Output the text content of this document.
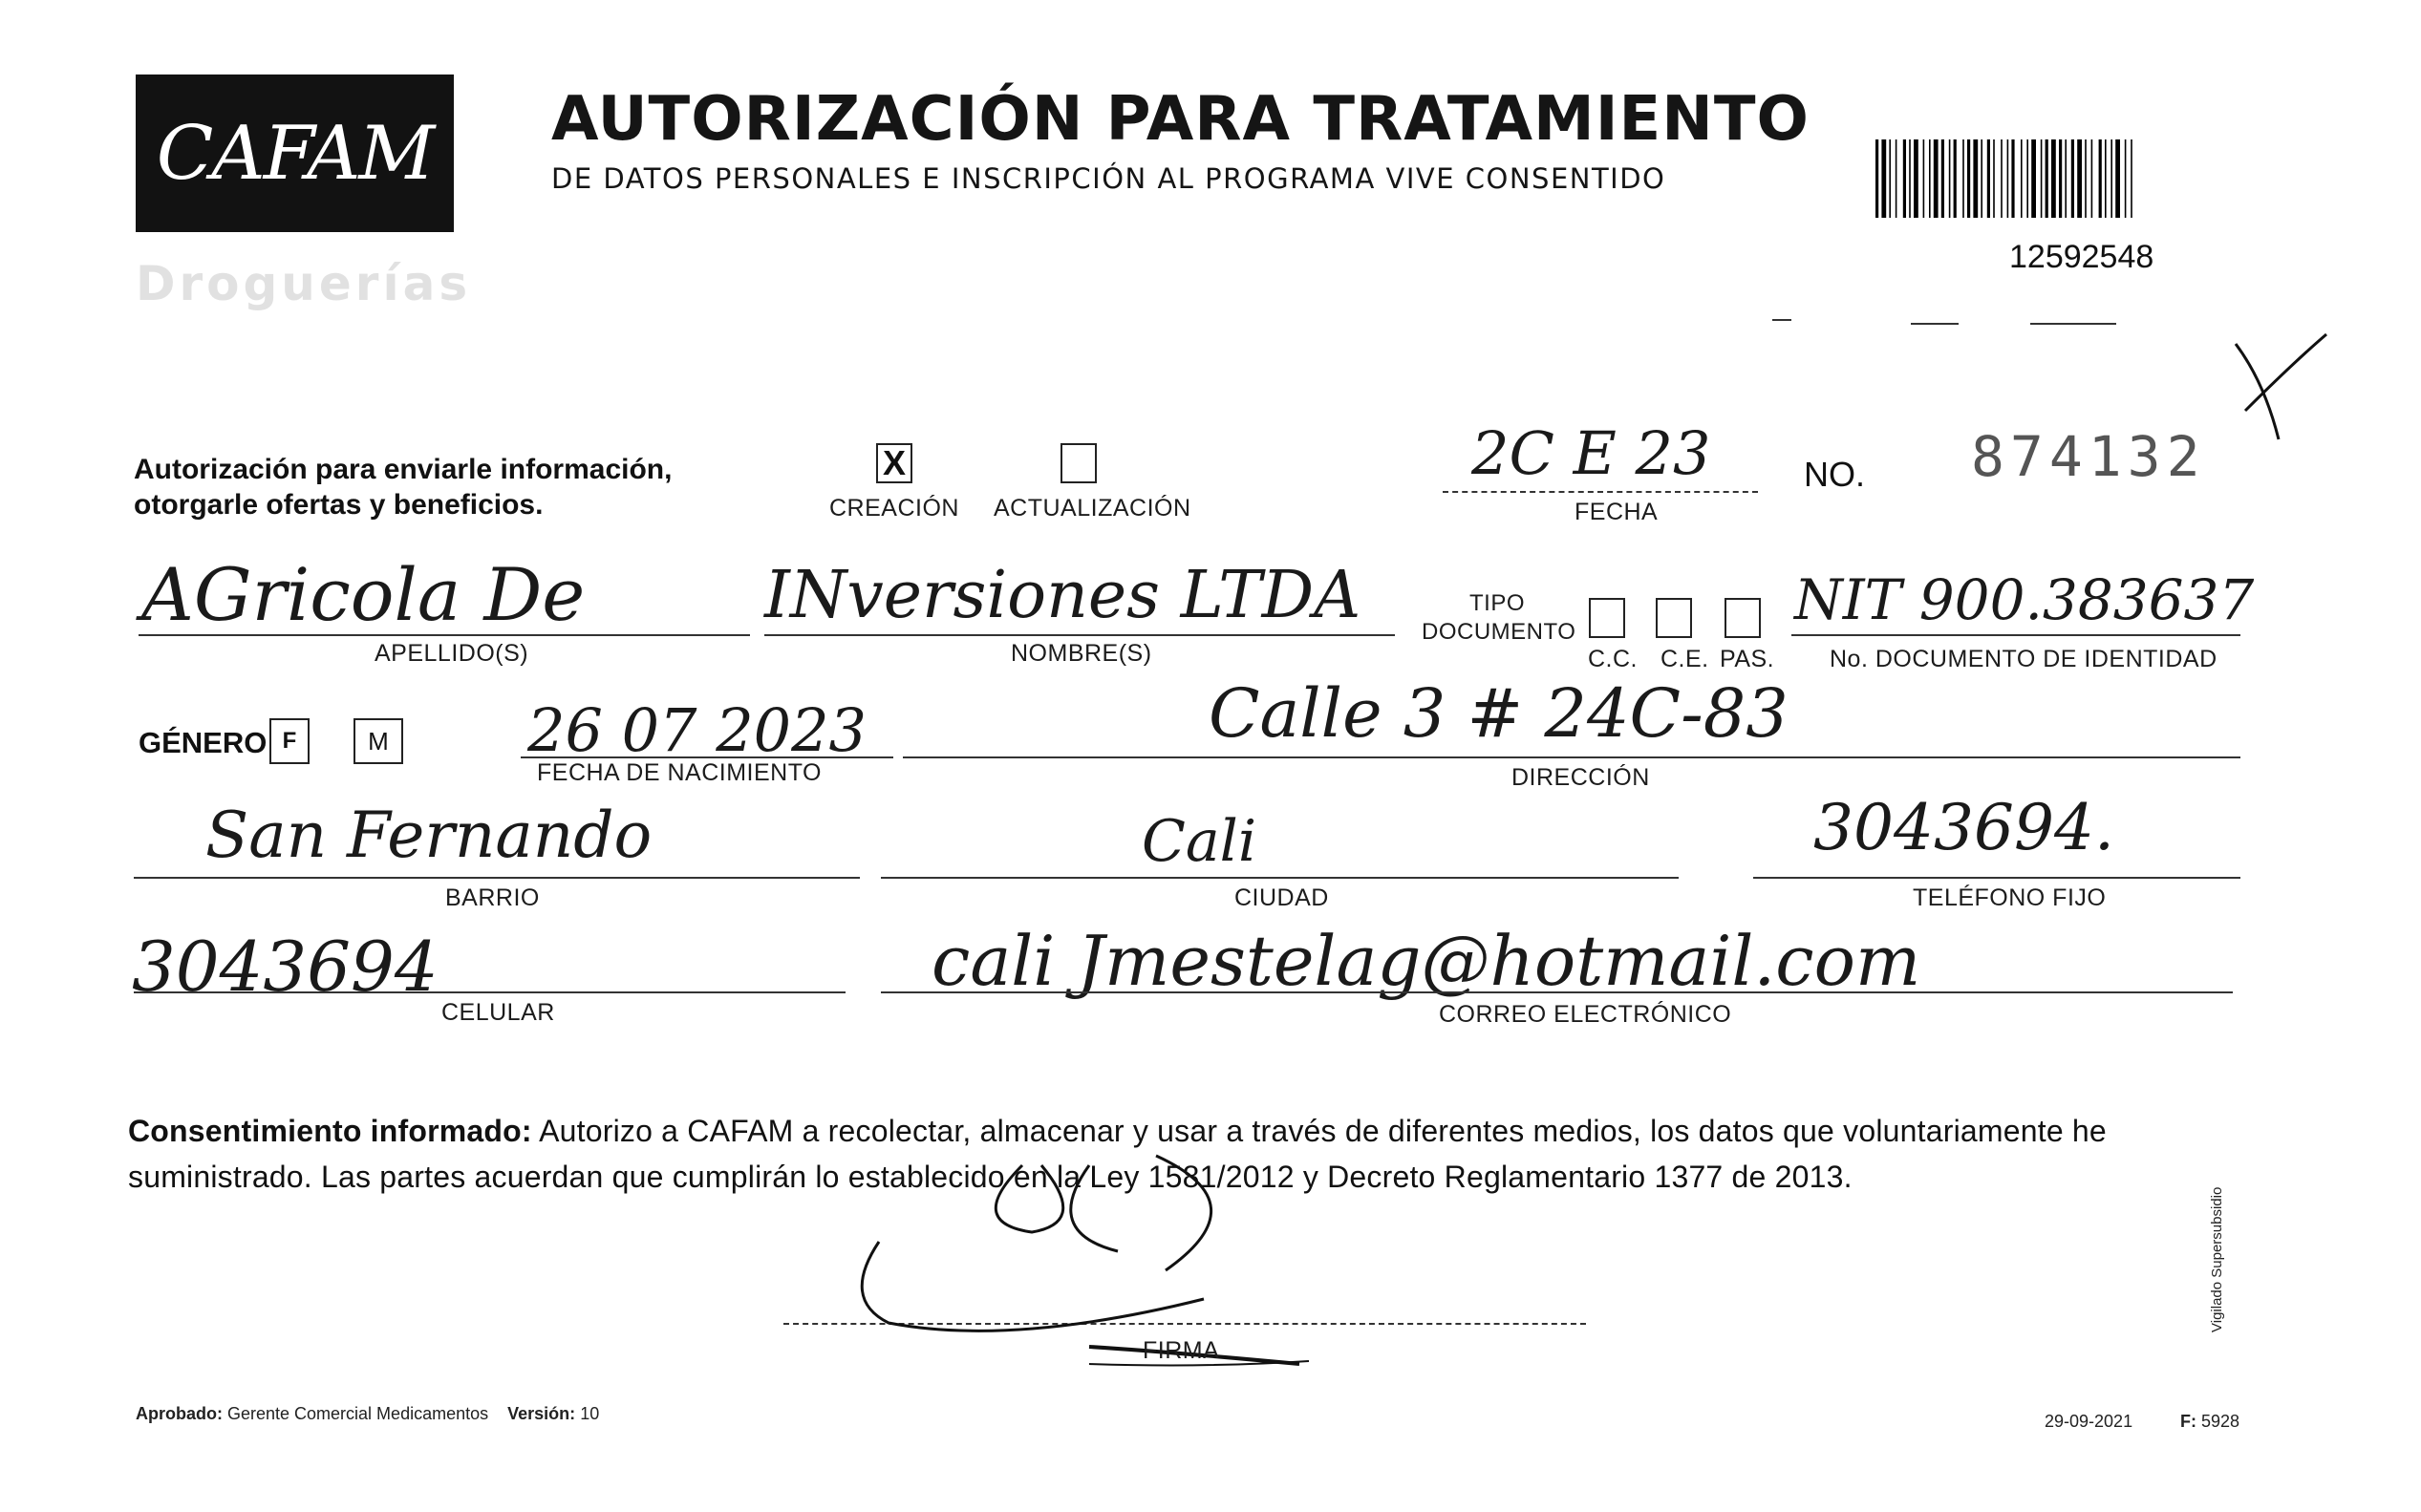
CAFAM
Droguerías
AUTORIZACIÓN PARA TRATAMIENTO
DE DATOS PERSONALES E INSCRIPCIÓN AL PROGRAMA VIVE CONSENTIDO
12592548
Autorización para enviarle información,
otorgarle ofertas y beneficios.
X
CREACIÓN ACTUALIZACIÓN
2C E 23
FECHA
NO. 874132
AGricola De
APELLIDO(S)
INversiones LTDA
NOMBRE(S)
TIPO
DOCUMENTO
C.C. C.E. PAS.
NIT 900.383637
No. DOCUMENTO DE IDENTIDAD
GÉNERO F	M 26 07 2023
FECHA DE NACIMIENTO
Calle 3 # 24C-83
DIRECCIÓN
San Fernando
BARRIO
Cali
CIUDAD
3043694.
TELÉFONO FIJO
3043694
CELULAR
cali Jmestelag@hotmail.com
CORREO ELECTRÓNICO
Consentimiento informado: Autorizo a CAFAM a recolectar, almacenar y usar a través de diferentes medios, los datos que voluntariamente he suministrado. Las partes acuerdan que cumplirán lo establecido en la Ley 1581/2012 y Decreto Reglamentario 1377 de 2013.
FIRMA
Aprobado: Gerente Comercial Medicamentos Versión: 10	29-09-2021	F: 5928
Vigilado Supersubsidio
